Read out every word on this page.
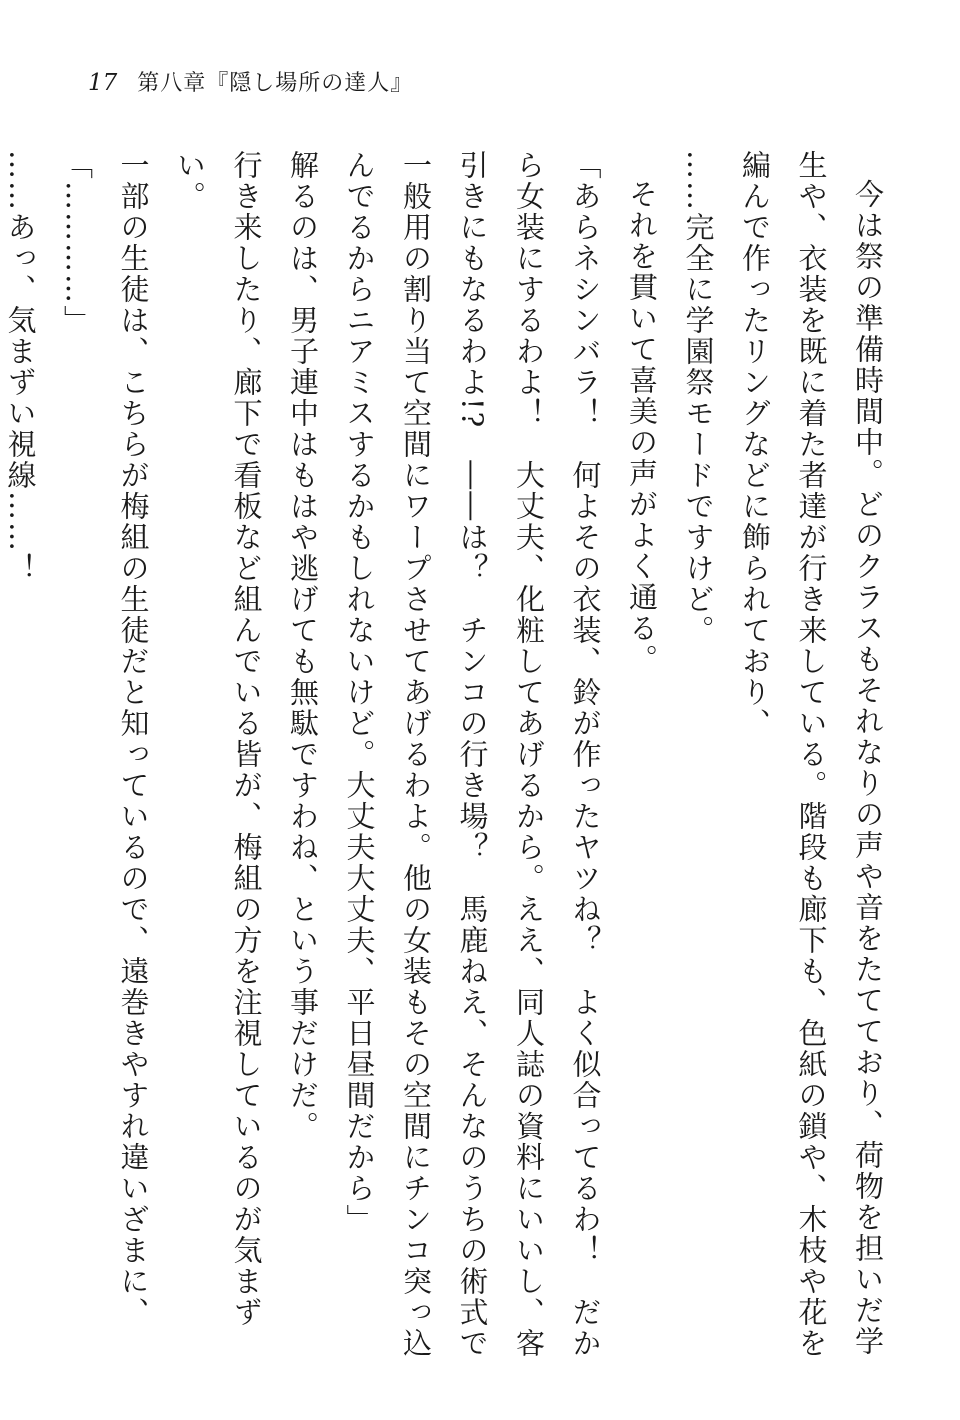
17 第八章『隠し場所の達人』

今は祭の準備時間中。どのクラスもそれなりの声や音をたてており、荷物を担いだ学生や、衣装を既に着た者達が行き来している。階段も廊下も、色紙の鎖や、木枝や花を編んで作ったリングなどに飾られており、

……完全に学園祭モードですけど。

それを貫いて喜美の声がよく通る。

「あらネシンバラ！　何よその衣装、鈴が作ったヤツね？　よく似合ってるわ！　だから女装にするわよ！　大丈夫、化粧してあげるから。ええ、同人誌の資料にいいし、客引きにもなるわよ!?　――は？　チンコの行き場？　馬鹿ねえ、そんなのうちの術式で一般用の割り当て空間にワープさせてあげるわよ。他の女装もその空間にチンコ突っ込んでるからニアミスするかもしれないけど。大丈夫大丈夫、平日昼間だから」

解るのは、男子連中はもはや逃げても無駄ですわね、という事だけだ。

行き来したり、廊下で看板など組んでいる皆が、梅組の方を注視しているのが気まずい。

一部の生徒は、こちらが梅組の生徒だと知っているので、遠巻きやすれ違いざまに、

「…………」

……あっ、気まずい視線……！
